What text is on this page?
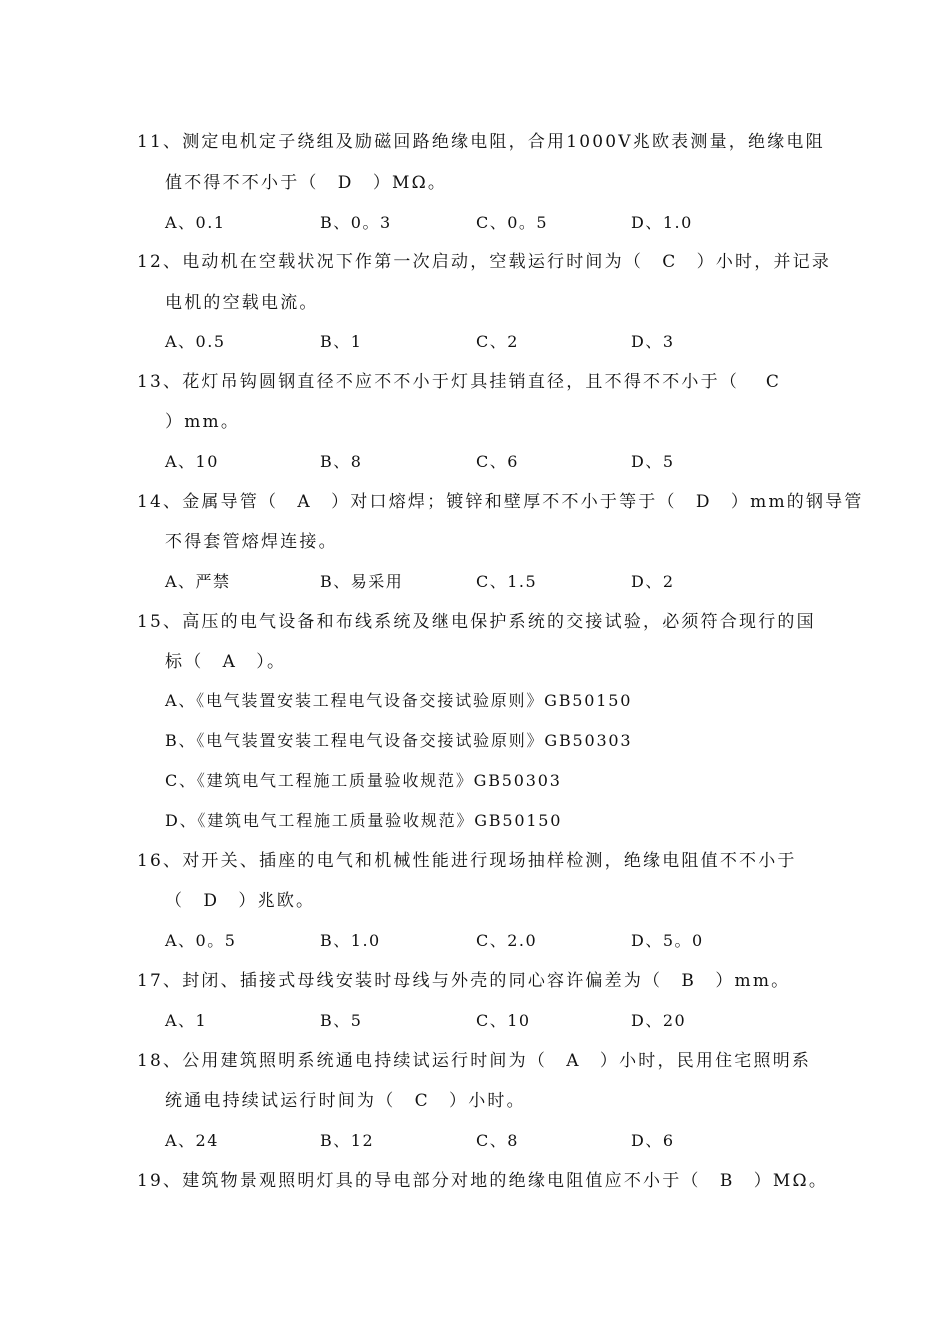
11、测定电机定子绕组及励磁回路绝缘电阻，合用1000V兆欧表测量，绝缘电阻
值不得不不小于（　D　）MΩ。
A、0.1	B、0。3	C、0。5	D、1.0
12、电动机在空载状况下作第一次启动，空载运行时间为（　C　）小时，并记录
电机的空载电流。
A、0.5	B、1	C、2	D、3
13、花灯吊钩圆钢直径不应不不小于灯具挂销直径，且不得不不小于（　 C
）mm。
A、10	B、8	C、6	D、5
14、金属导管（　A　）对口熔焊；镀锌和壁厚不不小于等于（　D　）mm的钢导管
不得套管熔焊连接。
A、严禁	B、易采用	C、1.5	D、2
15、高压的电气设备和布线系统及继电保护系统的交接试验，必须符合现行的国
标（　A　）。
A、《电气装置安装工程电气设备交接试验原则》GB50150
B、《电气装置安装工程电气设备交接试验原则》GB50303
C、《建筑电气工程施工质量验收规范》GB50303
D、《建筑电气工程施工质量验收规范》GB50150
16、对开关、插座的电气和机械性能进行现场抽样检测，绝缘电阻值不不小于
（　D　）兆欧。
A、0。5	B、1.0	C、2.0	D、5。0
17、封闭、插接式母线安装时母线与外壳的同心容许偏差为（　B　）mm。
A、1	B、5	C、10	D、20
18、公用建筑照明系统通电持续试运行时间为（　A　）小时，民用住宅照明系
统通电持续试运行时间为（　C　）小时。
A、24	B、12	C、8	D、6
19、建筑物景观照明灯具的导电部分对地的绝缘电阻值应不小于（　B　）MΩ。
